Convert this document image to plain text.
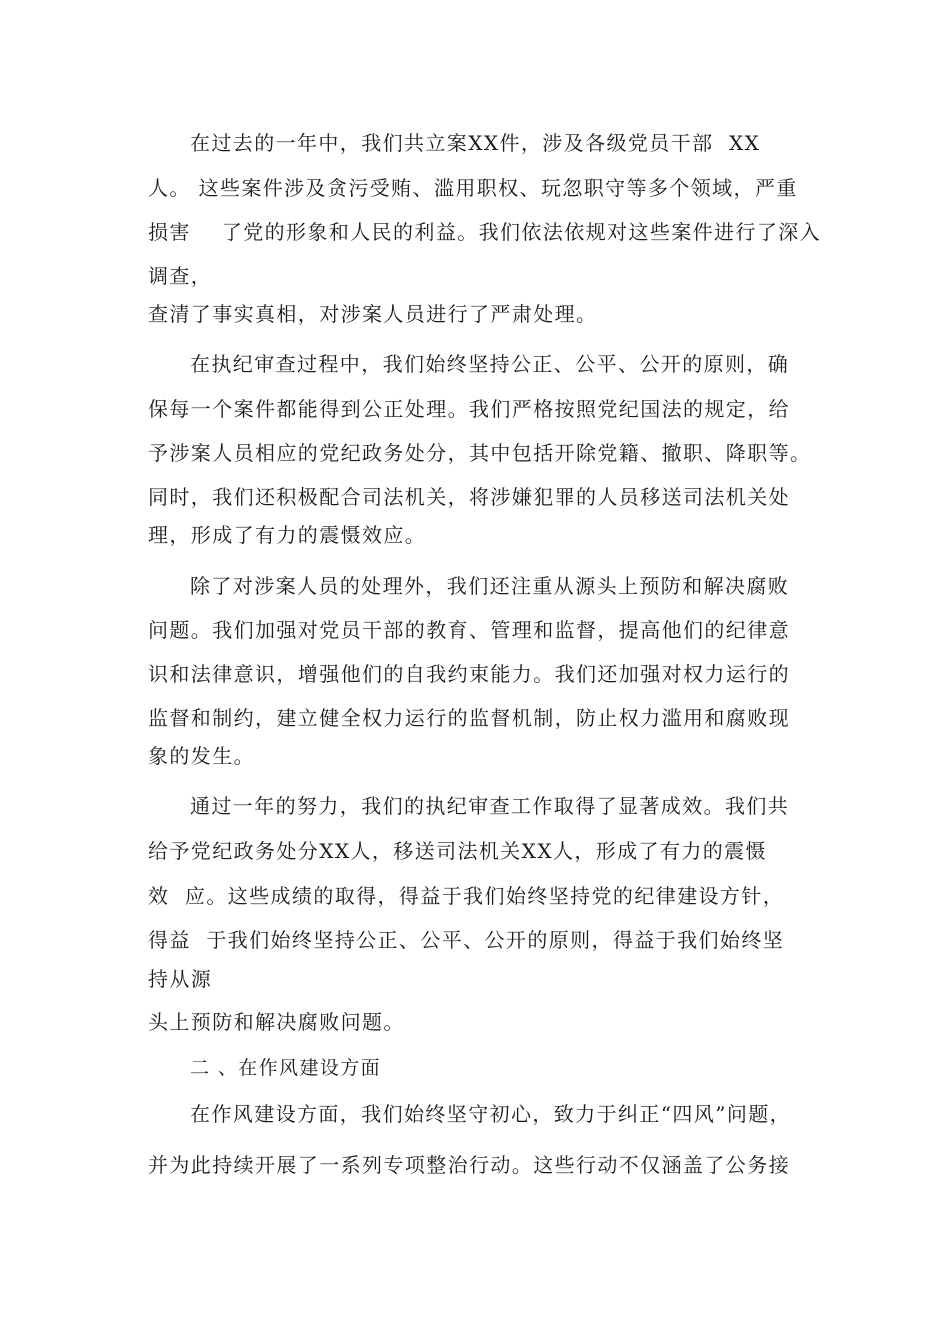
在过去的一年中，我们共立案XX件，涉及各级党员干部  XX
人。 这些案件涉及贪污受贿、滥用职权、玩忽职守等多个领域，严重
损害    了党的形象和人民的利益。我们依法依规对这些案件进行了深入
调查，
查清了事实真相，对涉案人员进行了严肃处理。
在执纪审查过程中，我们始终坚持公正、公平、公开的原则，确
保每一个案件都能得到公正处理。我们严格按照党纪国法的规定，给
予涉案人员相应的党纪政务处分，其中包括开除党籍、撤职、降职等。
同时，我们还积极配合司法机关，将涉嫌犯罪的人员移送司法机关处
理，形成了有力的震慑效应。
除了对涉案人员的处理外，我们还注重从源头上预防和解决腐败
问题。我们加强对党员干部的教育、管理和监督，提高他们的纪律意
识和法律意识，增强他们的自我约束能力。我们还加强对权力运行的
监督和制约，建立健全权力运行的监督机制，防止权力滥用和腐败现
象的发生。
通过一年的努力，我们的执纪审查工作取得了显著成效。我们共
给予党纪政务处分XX人，移送司法机关XX人，形成了有力的震慑
效  应。这些成绩的取得，得益于我们始终坚持党的纪律建设方针，
得益  于我们始终坚持公正、公平、公开的原则，得益于我们始终坚
持从源
头上预防和解决腐败问题。
二 、在作风建设方面
在作风建设方面，我们始终坚守初心，致力于纠正“四风”问题，
并为此持续开展了一系列专项整治行动。这些行动不仅涵盖了公务接
